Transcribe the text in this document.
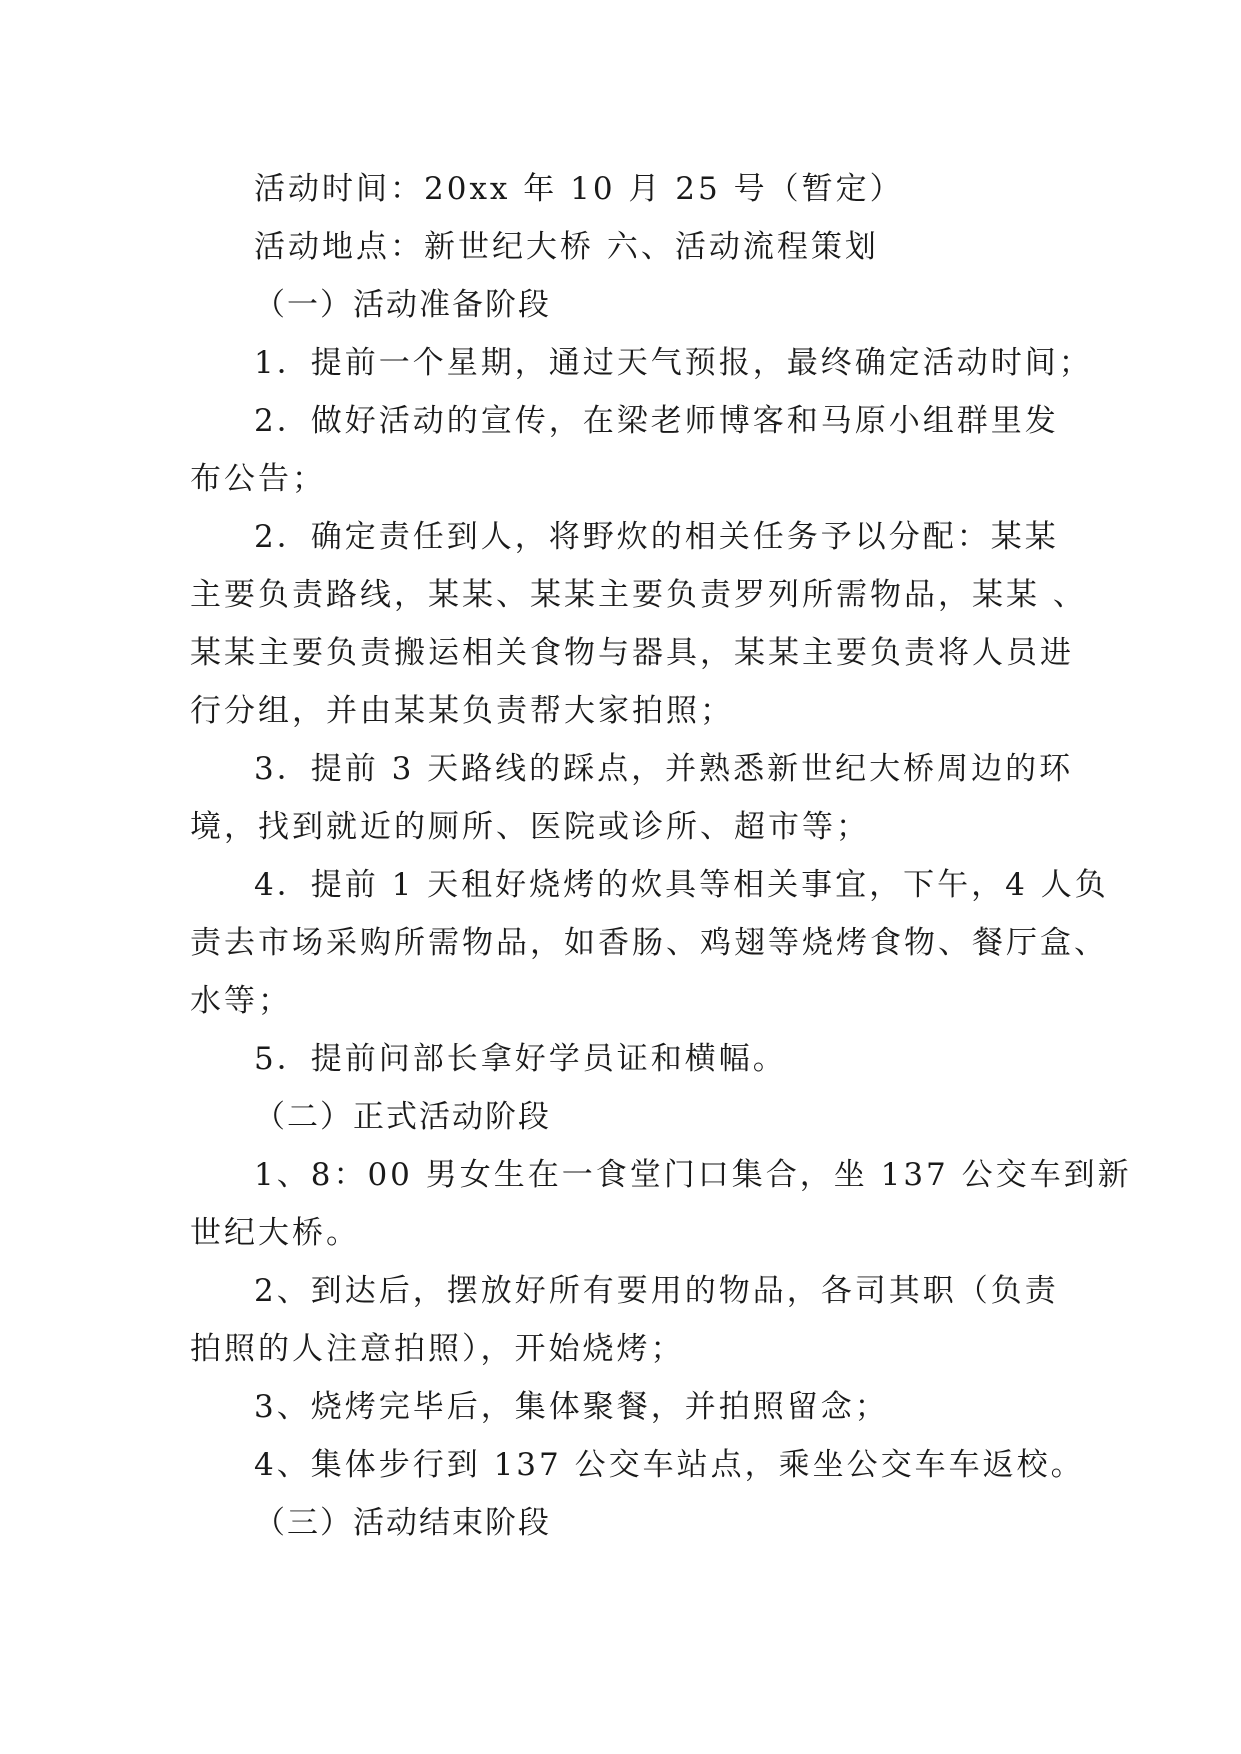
活动时间：20xx 年 10 月 25 号（暂定）
活动地点：新世纪大桥 六、活动流程策划
（一）活动准备阶段
1．提前一个星期，通过天气预报，最终确定活动时间；
2．做好活动的宣传，在梁老师博客和马原小组群里发
布公告；
2．确定责任到人，将野炊的相关任务予以分配：某某
主要负责路线，某某、某某主要负责罗列所需物品，某某 、
某某主要负责搬运相关食物与器具，某某主要负责将人员进
行分组，并由某某负责帮大家拍照；
3．提前 3 天路线的踩点，并熟悉新世纪大桥周边的环
境，找到就近的厕所、医院或诊所、超市等；
4．提前 1 天租好烧烤的炊具等相关事宜，下午，4 人负
责去市场采购所需物品，如香肠、鸡翅等烧烤食物、餐厅盒、
水等；
5．提前问部长拿好学员证和横幅。
（二）正式活动阶段
1、8：00 男女生在一食堂门口集合，坐 137 公交车到新
世纪大桥。
2、到达后，摆放好所有要用的物品，各司其职（负责
拍照的人注意拍照），开始烧烤；
3、烧烤完毕后，集体聚餐，并拍照留念；
4、集体步行到 137 公交车站点，乘坐公交车车返校。
（三）活动结束阶段
